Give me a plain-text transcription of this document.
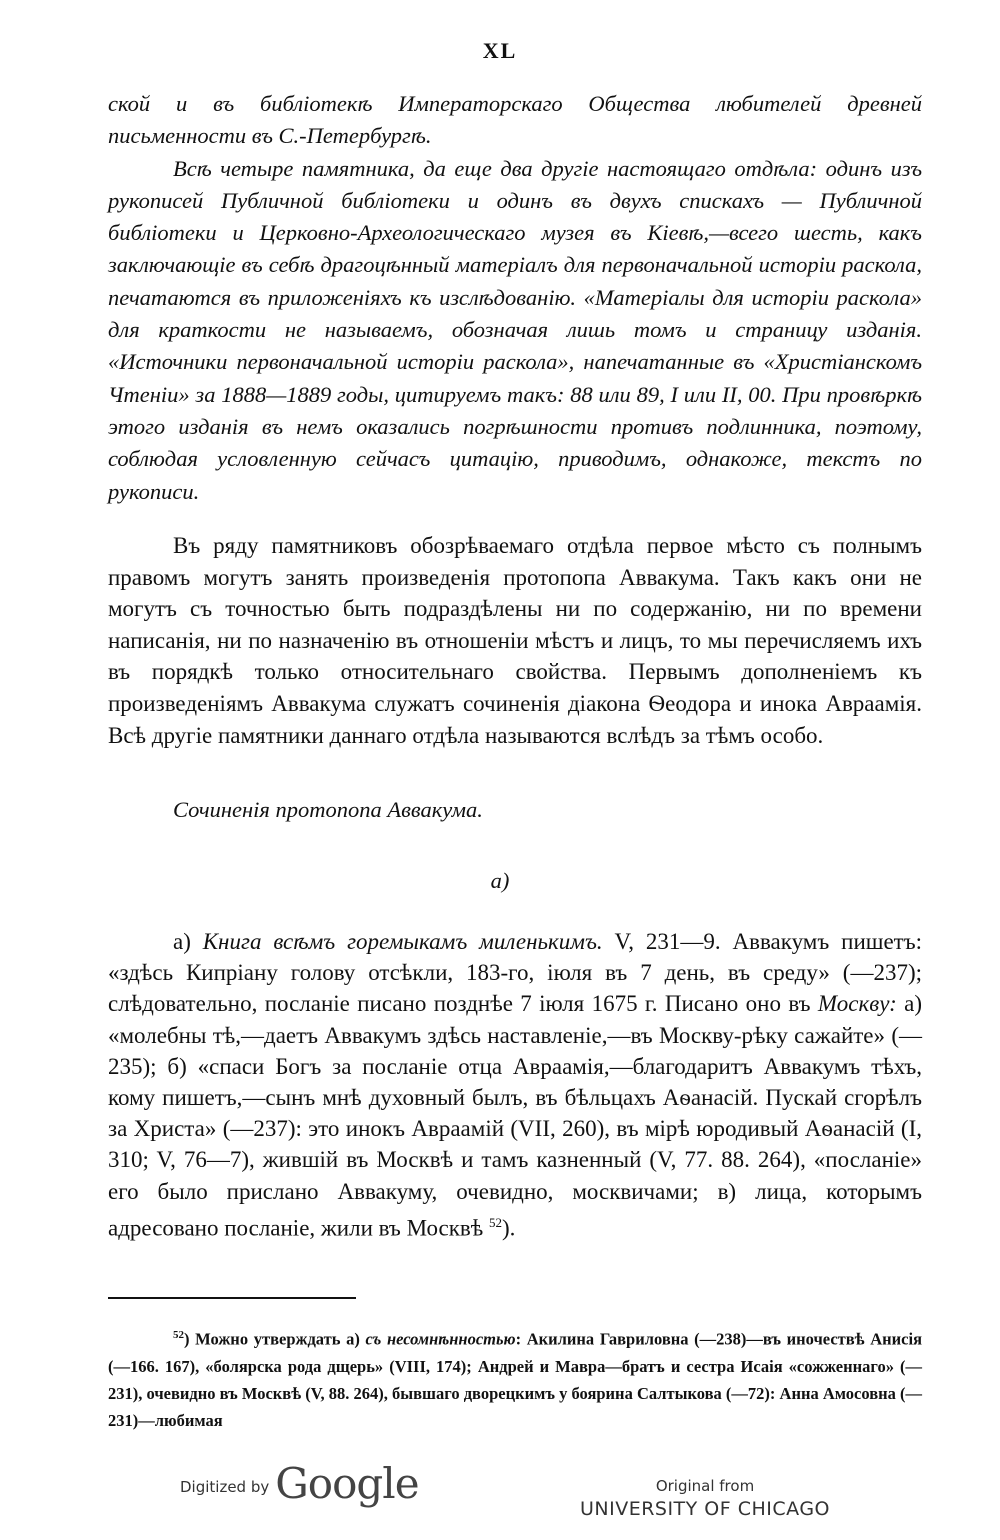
XL

ской и въ библіотекѣ Императорскаго Общества любителей древней письменности въ С.-Петербургѣ.

Всѣ четыре памятника, да еще два другіе настоящаго отдѣла: одинъ изъ рукописей Публичной библіотеки и одинъ въ двухъ спискахъ — Публичной библіотеки и Церковно-Археологическаго музея въ Кіевѣ,—всего шесть, какъ заключающіе въ себѣ драгоцѣнный матеріалъ для первоначальной исторіи раскола, печатаются въ приложеніяхъ къ изслѣдованію. «Матеріалы для исторіи раскола» для краткости не называемъ, обозначая лишь томъ и страницу изданія. «Источники первоначальной исторіи раскола», напечатанные въ «Христіанскомъ Чтеніи» за 1888—1889 годы, цитируемъ такъ: 88 или 89, I или II, 00. При провѣркѣ этого изданія въ немъ оказались погрѣшности противъ подлинника, поэтому, соблюдая условленную сейчасъ цитацію, приводимъ, однакоже, текстъ по рукописи.

Въ ряду памятниковъ обозрѣваемаго отдѣла первое мѣсто съ полнымъ правомъ могутъ занять произведенія протопопа Аввакума. Такъ какъ они не могутъ съ точностью быть подраздѣлены ни по содержанію, ни по времени написанія, ни по назначенію въ отношеніи мѣстъ и лицъ, то мы перечисляемъ ихъ въ порядкѣ только относительнаго свойства. Первымъ дополненіемъ къ произведеніямъ Аввакума служатъ сочиненія діакона Ѳеодора и инока Авраамія. Всѣ другіе памятники даннаго отдѣла называются вслѣдъ за тѣмъ особо.

Сочиненія протопопа Аввакума.
а)

а) Книга всѣмъ горемыкамъ миленькимъ. V, 231—9. Аввакумъ пишетъ: «здѣсь Кипріану голову отсѣкли, 183-го, іюля въ 7 день, въ среду» (—237); слѣдовательно, посланіе писано позднѣе 7 іюля 1675 г. Писано оно въ Москву: а) «молебны тѣ,—даетъ Аввакумъ здѣсь наставленіе,—въ Москву-рѣку сажайте» (—235); б) «спаси Богъ за посланіе отца Авраамія,—благодаритъ Аввакумъ тѣхъ, кому пишетъ,—сынъ мнѣ духовный былъ, въ бѣльцахъ Аѳанасій. Пускай сгорѣлъ за Христа» (—237): это инокъ Авраамій (VII, 260), въ мірѣ юродивый Аѳанасій (I, 310; V, 76—7), жившій въ Москвѣ и тамъ казненный (V, 77. 88. 264), «посланіе» его было прислано Аввакуму, очевидно, москвичами; в) лица, которымъ адресовано посланіе, жили въ Москвѣ $^{52}$).

$^{52}$) Можно утверждать а) съ несомнѣнностью: Акилина Гавриловна (—238)—въ иночествѣ Анисія (—166. 167), «болярска рода дщерь» (VIII, 174); Андрей и Мавра—братъ и сестра Исаія «сожженнаго» (—231), очевидно въ Москвѣ (V, 88. 264), бывшаго дворецкимъ у боярина Салтыкова (—72): Анна Амосовна (—231)—любимая

Digitized by Google	Original from
UNIVERSITY OF CHICAGO
